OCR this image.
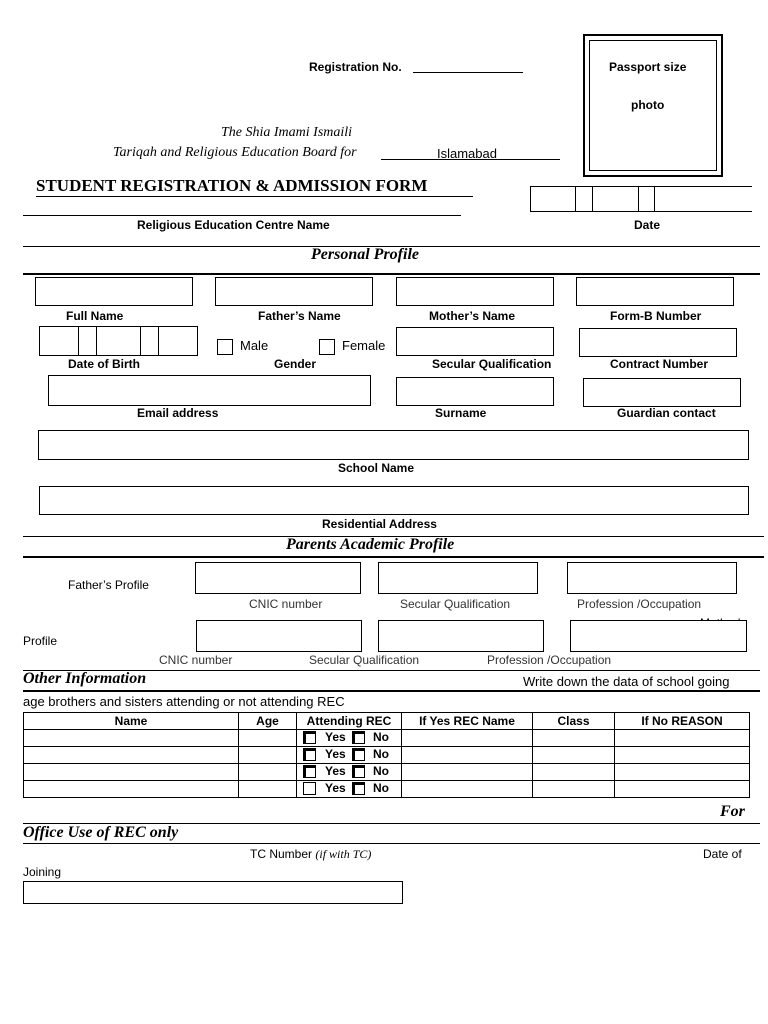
Registration No.	Passport size
photo
The Shia Imami Ismaili
Tariqah and Religious Education Board for	Islamabad
STUDENT REGISTRATION & ADMISSION FORM
Religious Education Centre Name	Date
Personal Profile
Full Name	Father’s Name	Mother’s Name	Form-B Number
Male	Female
Date of Birth	Gender	Secular Qualification	Contract Number
Email address	Surname	Guardian contact
School Name
Residential Address
Parents Academic Profile
Father’s Profile
CNIC number	Secular Qualification	Profession /Occupation
Profile
CNIC number	Secular Qualification	Profession /Occupation
Other Information	Write down the data of school going
age brothers and sisters attending or not attending REC
Name	Age	Attending REC	If Yes REC Name	Class	If No REASON

		Yes No			

		Yes No			

		Yes No			

		Yes No			

For
Office Use of REC only
TC Number (if with TC)	Date of
Joining
